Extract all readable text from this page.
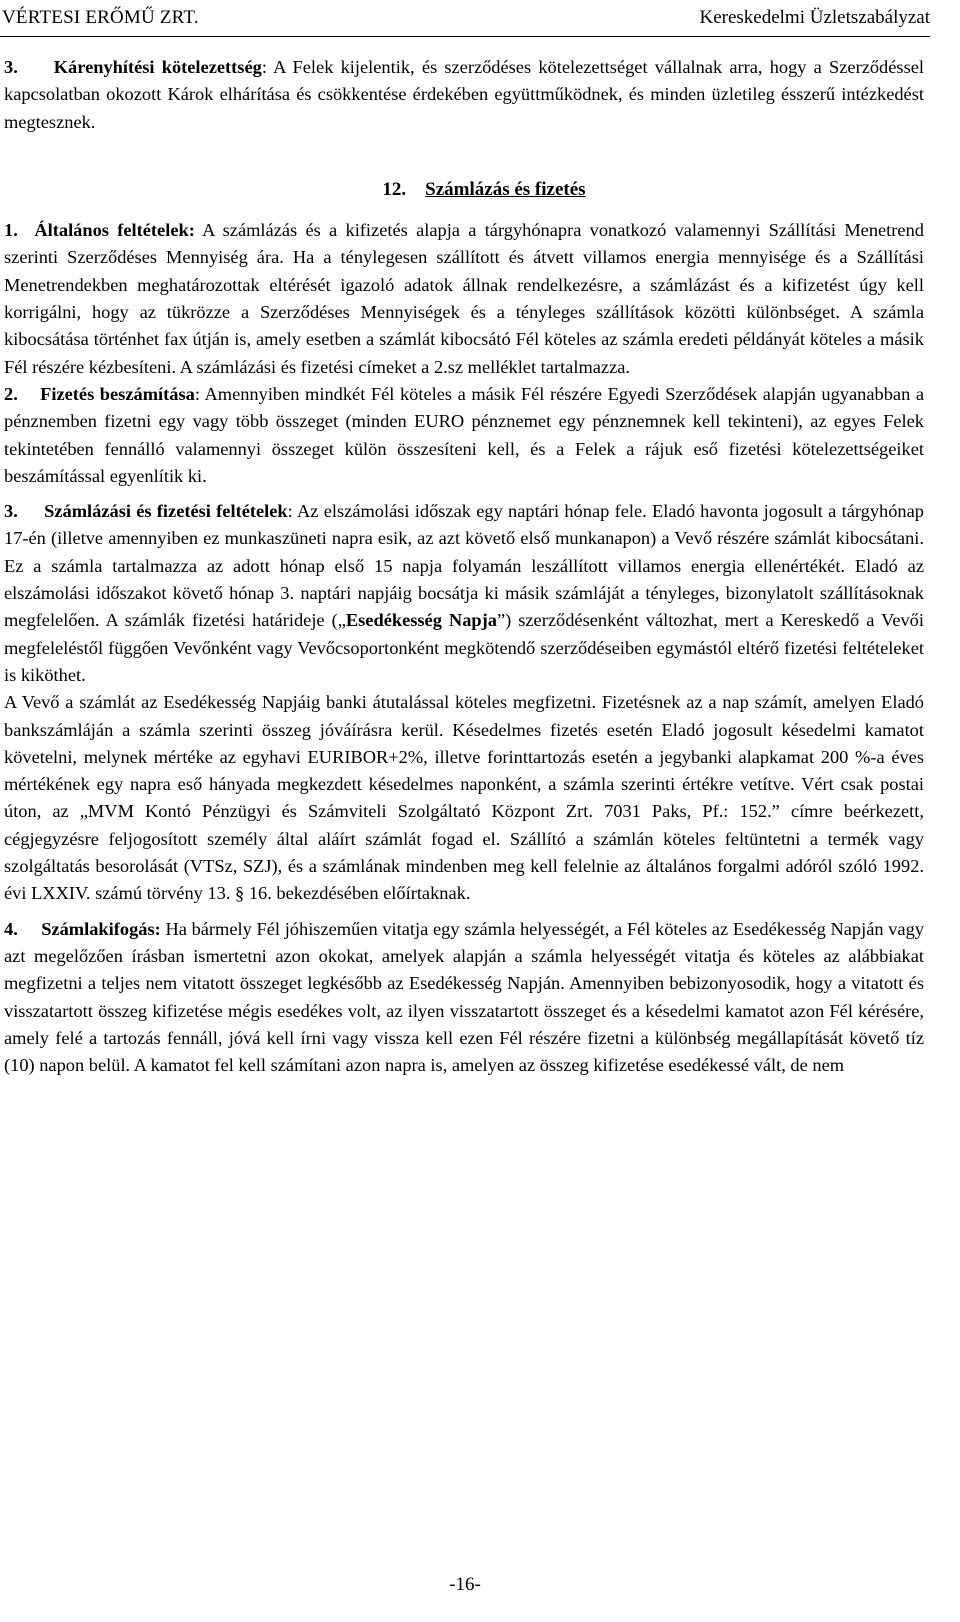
VÉRTESI ERŐMŰ ZRT.	Kereskedelmi Üzletszabályzat

3. Kárenyhítési kötelezettség: A Felek kijelentik, és szerződéses kötelezettséget vállalnak arra, hogy a Szerződéssel kapcsolatban okozott Károk elhárítása és csökkentése érdekében együttműködnek, és minden üzletileg ésszerű intézkedést megtesznek.

12. Számlázás és fizetés

1. Általános feltételek: A számlázás és a kifizetés alapja a tárgyhónapra vonatkozó valamennyi Szállítási Menetrend szerinti Szerződéses Mennyiség ára. Ha a ténylegesen szállított és átvett villamos energia mennyisége és a Szállítási Menetrendekben meghatározottak eltérését igazoló adatok állnak rendelkezésre, a számlázást és a kifizetést úgy kell korrigálni, hogy az tükrözze a Szerződéses Mennyiségek és a tényleges szállítások közötti különbséget. A számla kibocsátása történhet fax útján is, amely esetben a számlát kibocsátó Fél köteles az számla eredeti példányát köteles a másik Fél részére kézbesíteni. A számlázási és fizetési címeket a 2.sz melléklet tartalmazza.

2. Fizetés beszámítása: Amennyiben mindkét Fél köteles a másik Fél részére Egyedi Szerződések alapján ugyanabban a pénznemben fizetni egy vagy több összeget (minden EURO pénznemet egy pénznemnek kell tekinteni), az egyes Felek tekintetében fennálló valamennyi összeget külön összesíteni kell, és a Felek a rájuk eső fizetési kötelezettségeiket beszámítással egyenlítik ki.

3. Számlázási és fizetési feltételek: Az elszámolási időszak egy naptári hónap fele. Eladó havonta jogosult a tárgyhónap 17-én (illetve amennyiben ez munkaszüneti napra esik, az azt követő első munkanapon) a Vevő részére számlát kibocsátani. Ez a számla tartalmazza az adott hónap első 15 napja folyamán leszállított villamos energia ellenértékét. Eladó az elszámolási időszakot követő hónap 3. naptári napjáig bocsátja ki másik számláját a tényleges, bizonylatolt szállításoknak megfelelően. A számlák fizetési határideje („Esedékesség Napja”) szerződésenként változhat, mert a Kereskedő a Vevői megfeleléstől függően Vevőnként vagy Vevőcsoportonként megkötendő szerződéseiben egymástól eltérő fizetési feltételeket is kiköthet.

A Vevő a számlát az Esedékesség Napjáig banki átutalással köteles megfizetni. Fizetésnek az a nap számít, amelyen Eladó bankszámláján a számla szerinti összeg jóváírásra kerül. Késedelmes fizetés esetén Eladó jogosult késedelmi kamatot követelni, melynek mértéke az egyhavi EURIBOR+2%, illetve forinttartozás esetén a jegybanki alapkamat 200 %-a éves mértékének egy napra eső hányada megkezdett késedelmes naponként, a számla szerinti értékre vetítve. Vért csak postai úton, az „MVM Kontó Pénzügyi és Számviteli Szolgáltató Központ Zrt. 7031 Paks, Pf.: 152.” címre beérkezett, cégjegyzésre feljogosított személy által aláírt számlát fogad el. Szállító a számlán köteles feltüntetni a termék vagy szolgáltatás besorolását (VTSz, SZJ), és a számlának mindenben meg kell felelnie az általános forgalmi adóról szóló 1992. évi LXXIV. számú törvény 13. § 16. bekezdésében előírtaknak.

4. Számlakifogás: Ha bármely Fél jóhiszeműen vitatja egy számla helyességét, a Fél köteles az Esedékesség Napján vagy azt megelőzően írásban ismertetni azon okokat, amelyek alapján a számla helyességét vitatja és köteles az alábbiakat megfizetni a teljes nem vitatott összeget legkésőbb az Esedékesség Napján. Amennyiben bebizonyosodik, hogy a vitatott és visszatartott összeg kifizetése mégis esedékes volt, az ilyen visszatartott összeget és a késedelmi kamatot azon Fél kérésére, amely felé a tartozás fennáll, jóvá kell írni vagy vissza kell ezen Fél részére fizetni a különbség megállapítását követő tíz (10) napon belül. A kamatot fel kell számítani azon napra is, amelyen az összeg kifizetése esedékessé vált, de nem

-16-
